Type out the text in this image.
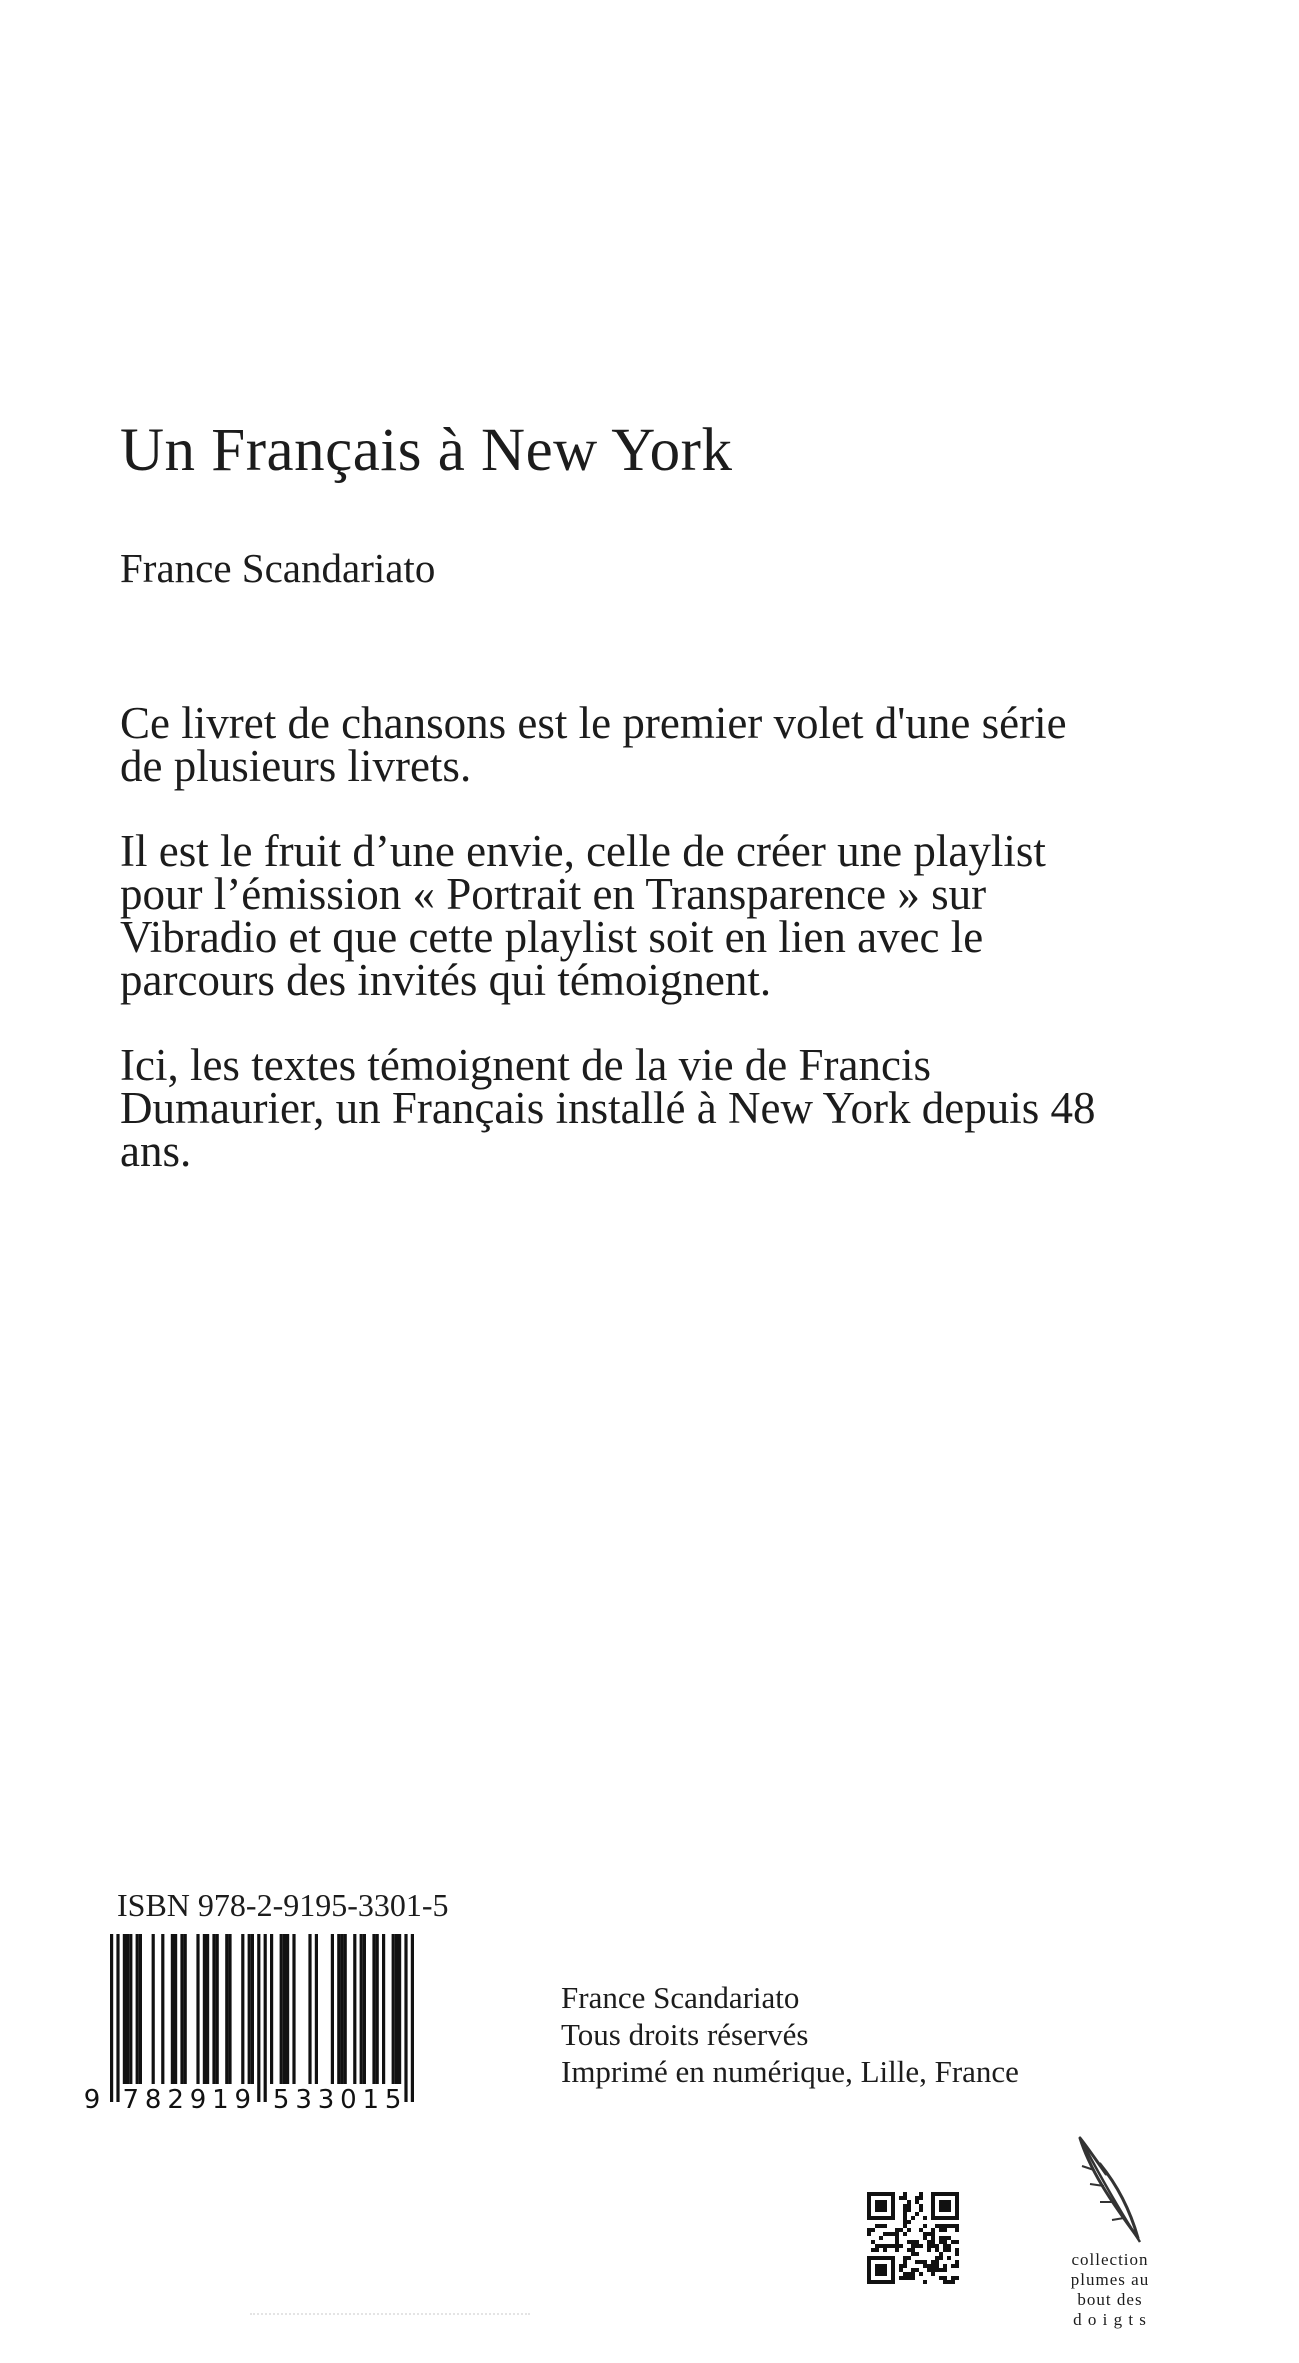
Un Français à New York
France Scandariato

Ce livret de chansons est le premier volet d'une série de plusieurs livrets.

Il est le fruit d’une envie, celle de créer une playlist pour l’émission « Portrait en Transparence » sur Vibradio et que cette playlist soit en lien avec le parcours des invités qui témoignent.

Ici, les textes témoignent de la vie de Francis Dumaurier, un Français installé à New York depuis 48 ans.

ISBN 978-2-9195-3301-5
9 7 8 2 9 1 9 5 3 3 0 1 5
France Scandariato
Tous droits réservés
Imprimé en numérique, Lille, France
collection
plumes au
bout des
d o i g t s
